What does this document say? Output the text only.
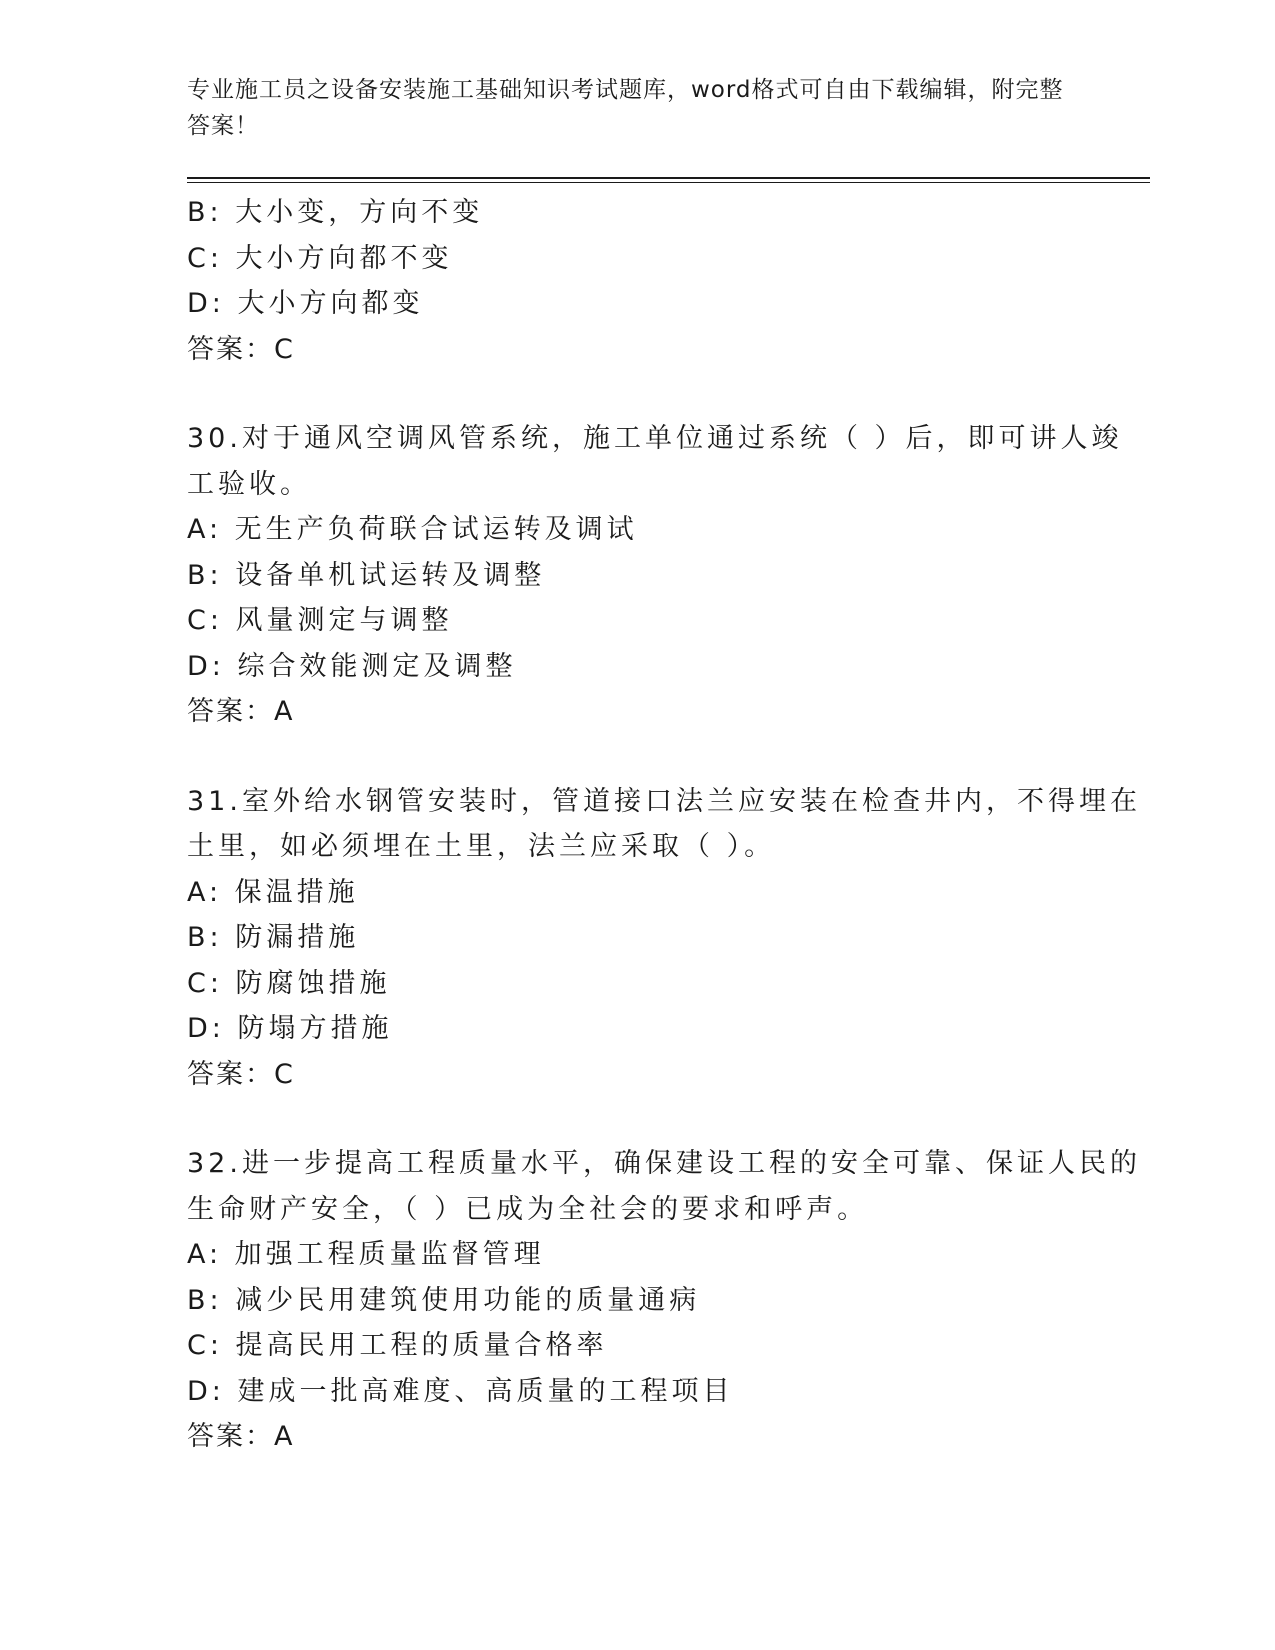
专业施工员之设备安装施工基础知识考试题库，word格式可自由下载编辑，附完整答案！
B: 大小变，方向不变
C: 大小方向都不变
D: 大小方向都变
答案：C
30.对于通风空调风管系统，施工单位通过系统（ ）后，即可讲人竣
工验收。
A: 无生产负荷联合试运转及调试
B: 设备单机试运转及调整
C: 风量测定与调整
D: 综合效能测定及调整
答案：A
31.室外给水钢管安装时，管道接口法兰应安装在检查井内，不得埋在
土里，如必须埋在土里，法兰应采取（ ）。
A: 保温措施
B: 防漏措施
C: 防腐蚀措施
D: 防塌方措施
答案：C
32.进一步提高工程质量水平，确保建设工程的安全可靠、保证人民的
生命财产安全，（ ）已成为全社会的要求和呼声。
A: 加强工程质量监督管理
B: 减少民用建筑使用功能的质量通病
C: 提高民用工程的质量合格率
D: 建成一批高难度、高质量的工程项目
答案：A
